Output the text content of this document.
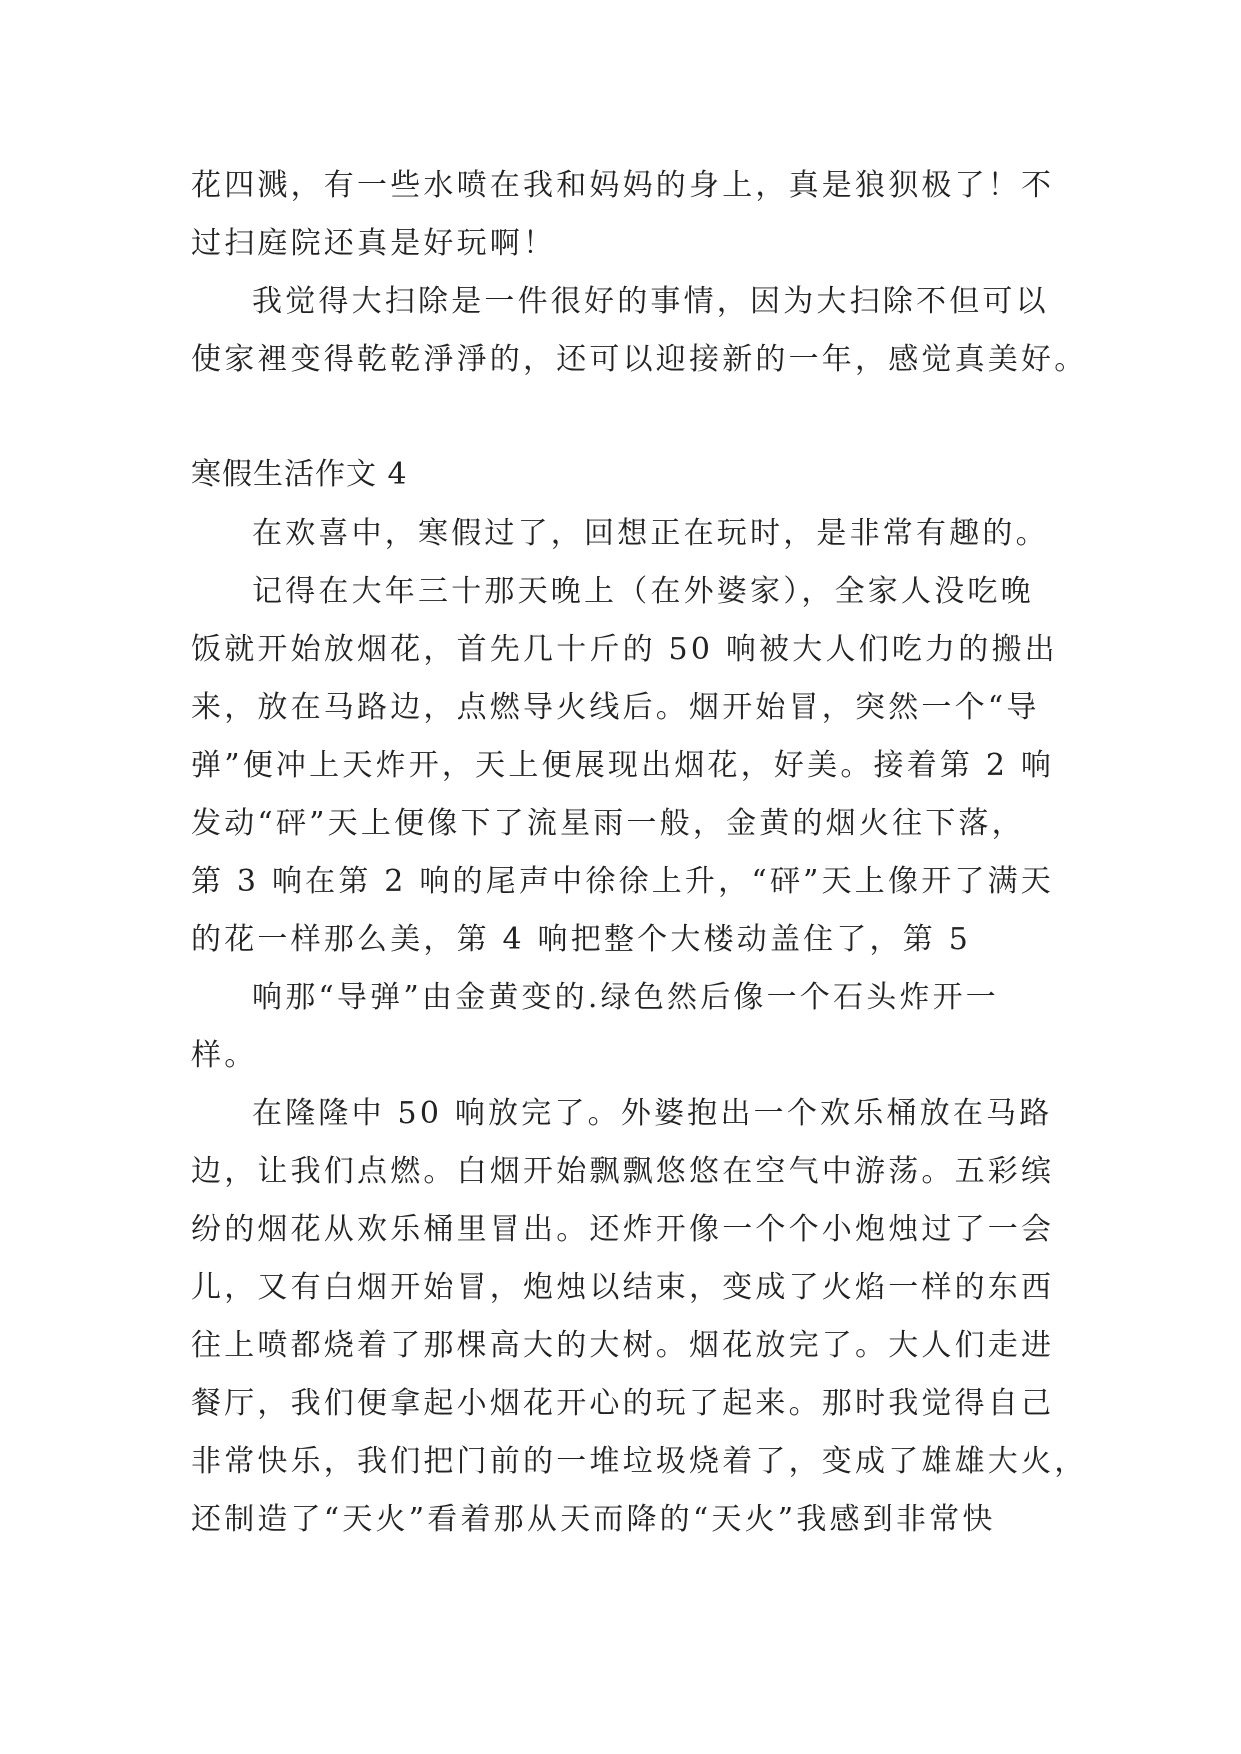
花四溅，有一些水喷在我和妈妈的身上，真是狼狈极了！不
过扫庭院还真是好玩啊！
我觉得大扫除是一件很好的事情，因为大扫除不但可以
使家裡变得乾乾淨淨的，还可以迎接新的一年，感觉真美好。
寒假生活作文 4
在欢喜中，寒假过了，回想正在玩时，是非常有趣的。
记得在大年三十那天晚上（在外婆家），全家人没吃晚
饭就开始放烟花，首先几十斤的 50 响被大人们吃力的搬出
来，放在马路边，点燃导火线后。烟开始冒，突然一个“导
弹”便冲上天炸开，天上便展现出烟花，好美。接着第 2 响
发动“砰”天上便像下了流星雨一般，金黄的烟火往下落，
第 3 响在第 2 响的尾声中徐徐上升，“砰”天上像开了满天
的花一样那么美，第 4 响把整个大楼动盖住了，第 5
响那“导弹”由金黄变的.绿色然后像一个石头炸开一
样。
在隆隆中 50 响放完了。外婆抱出一个欢乐桶放在马路
边，让我们点燃。白烟开始飘飘悠悠在空气中游荡。五彩缤
纷的烟花从欢乐桶里冒出。还炸开像一个个小炮烛过了一会
儿，又有白烟开始冒，炮烛以结束，变成了火焰一样的东西
往上喷都烧着了那棵高大的大树。烟花放完了。大人们走进
餐厅，我们便拿起小烟花开心的玩了起来。那时我觉得自己
非常快乐，我们把门前的一堆垃圾烧着了，变成了雄雄大火，
还制造了“天火”看着那从天而降的“天火”我感到非常快
